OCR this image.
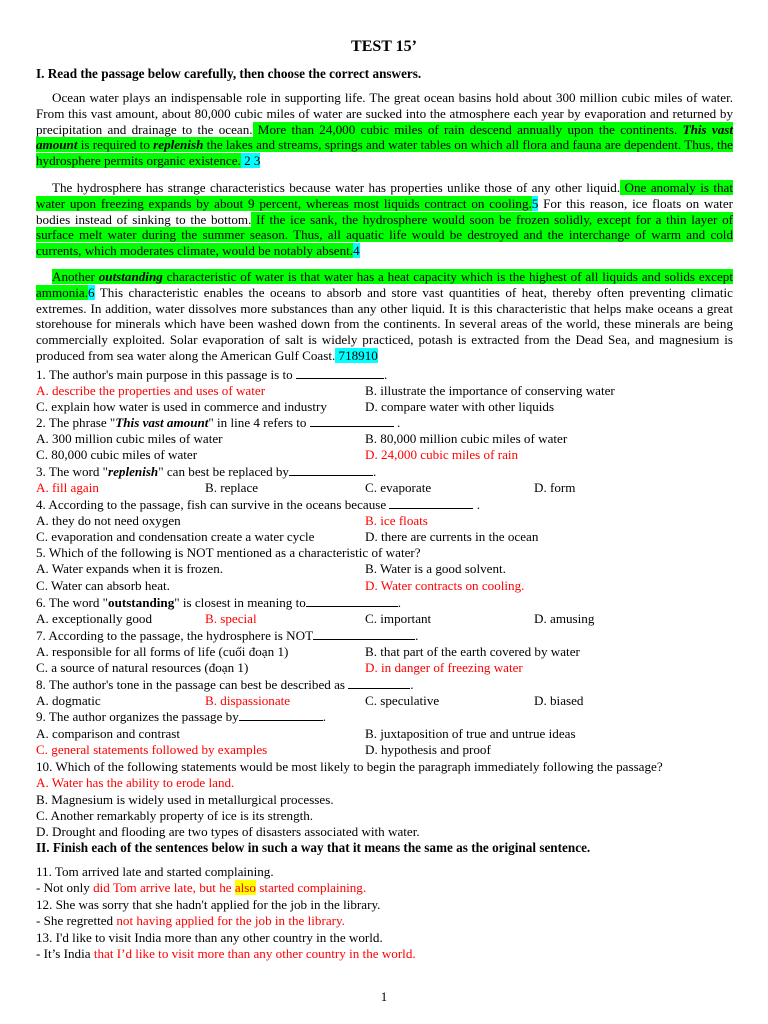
TEST 15’
I. Read the passage below carefully, then choose the correct answers.

Ocean water plays an indispensable role in supporting life. The great ocean basins hold about 300 million cubic miles of water. From this vast amount, about 80,000 cubic miles of water are sucked into the atmosphere each year by evaporation and returned by precipitation and drainage to the ocean. More than 24,000 cubic miles of rain descend annually upon the continents. This vast amount is required to replenish the lakes and streams, springs and water tables on which all flora and fauna are dependent. Thus, the hydrosphere permits organic existence. 2 3

The hydrosphere has strange characteristics because water has properties unlike those of any other liquid. One anomaly is that water upon freezing expands by about 9 percent, whereas most liquids contract on cooling.5 For this reason, ice floats on water bodies instead of sinking to the bottom. If the ice sank, the hydrosphere would soon be frozen solidly, except for a thin layer of surface melt water during the summer season. Thus, all aquatic life would be destroyed and the interchange of warm and cold currents, which moderates climate, would be notably absent.4

Another outstanding characteristic of water is that water has a heat capacity which is the highest of all liquids and solids except ammonia.6 This characteristic enables the oceans to absorb and store vast quantities of heat, thereby often preventing climatic extremes. In addition, water dissolves more substances than any other liquid. It is this characteristic that helps make oceans a great storehouse for minerals which have been washed down from the continents. In several areas of the world, these minerals are being commercially exploited. Solar evaporation of salt is widely practiced, potash is extracted from the Dead Sea, and magnesium is produced from sea water along the American Gulf Coast. 718910

1. The author's main purpose in this passage is to	.
A. describe the properties and uses of water	B. illustrate the importance of conserving water
C. explain how water is used in commerce and industry	D. compare water with other liquids
2. The phrase "This vast amount" in line 4 refers to	.
A. 300 million cubic miles of water	B. 80,000 million cubic miles of water
C. 80,000 cubic miles of water	D. 24,000 cubic miles of rain
3. The word "replenish" can best be replaced by	.
A. fill again	B. replace	C. evaporate	D. form
4. According to the passage, fish can survive in the oceans because	.
A. they do not need oxygen	B. ice floats
C. evaporation and condensation create a water cycle	D. there are currents in the ocean
5. Which of the following is NOT mentioned as a characteristic of water?
A. Water expands when it is frozen.	B. Water is a good solvent.
C. Water can absorb heat.	D. Water contracts on cooling.
6. The word "outstanding" is closest in meaning to	.
A. exceptionally good	B. special	C. important	D. amusing
7. According to the passage, the hydrosphere is NOT	.
A. responsible for all forms of life (cuối đoạn 1)	B. that part of the earth covered by water
C. a source of natural resources (đoạn 1)	D. in danger of freezing water
8. The author's tone in the passage can best be described as	.
A. dogmatic	B. dispassionate	C. speculative	D. biased
9. The author organizes the passage by	.
A. comparison and contrast	B. juxtaposition of true and untrue ideas
C. general statements followed by examples	D. hypothesis and proof
10. Which of the following statements would be most likely to begin the paragraph immediately following the passage?
A. Water has the ability to erode land.
B. Magnesium is widely used in metallurgical processes.
C. Another remarkably property of ice is its strength.
D. Drought and flooding are two types of disasters associated with water.
II. Finish each of the sentences below in such a way that it means the same as the original sentence.
11. Tom arrived late and started complaining.
- Not only did Tom arrive late, but he also started complaining.
12. She was sorry that she hadn't applied for the job in the library.
- She regretted not having applied for the job in the library.
13. I'd like to visit India more than any other country in the world.
- It’s India that I’d like to visit more than any other country in the world.
1
